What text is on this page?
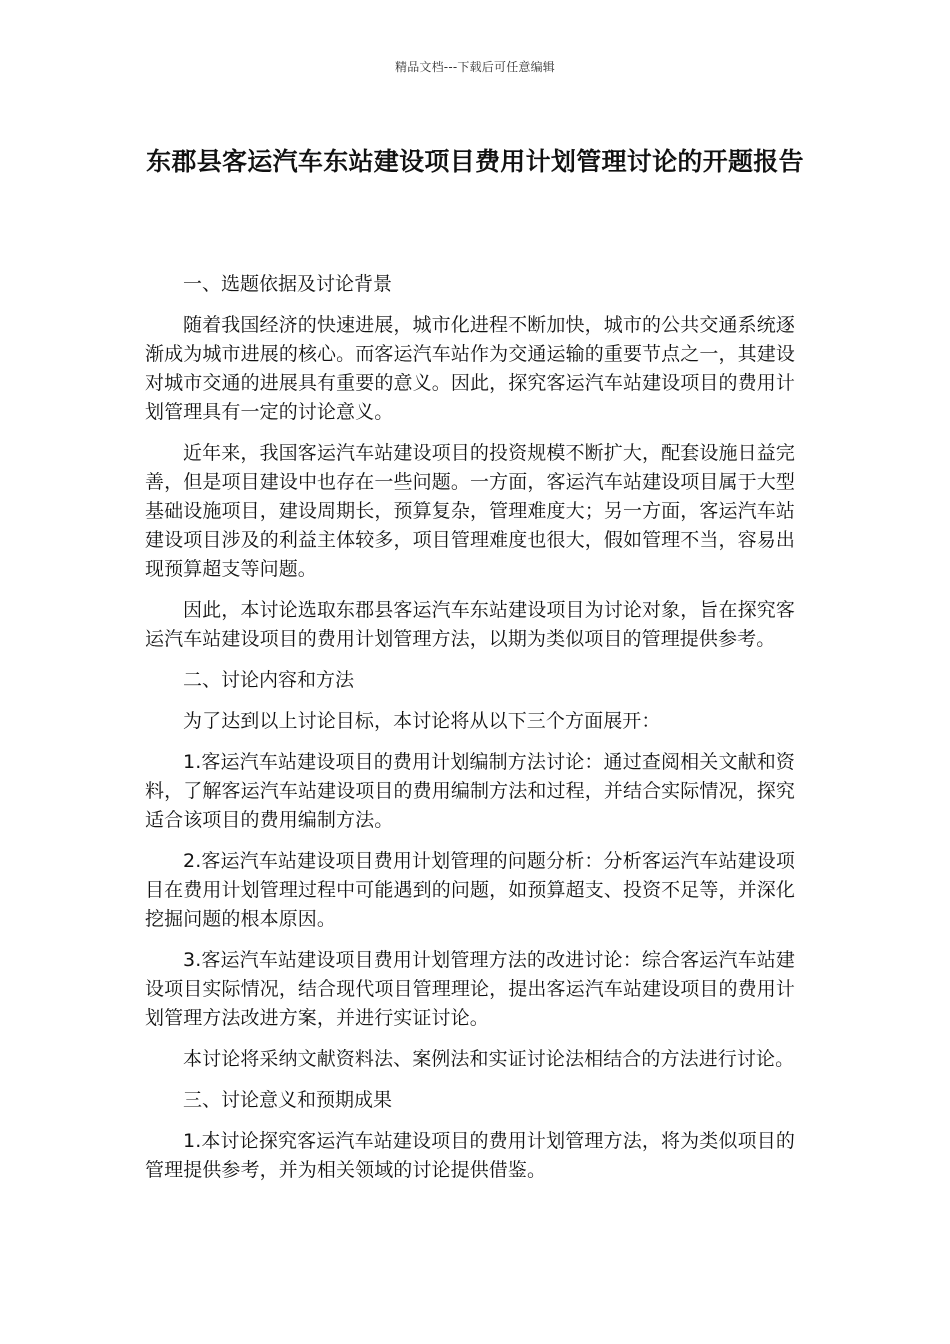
精品文档---下载后可任意编辑
东郡县客运汽车东站建设项目费用计划管理讨论的开题报告
一、选题依据及讨论背景

随着我国经济的快速进展，城市化进程不断加快，城市的公共交通系统逐渐成为城市进展的核心。而客运汽车站作为交通运输的重要节点之一，其建设对城市交通的进展具有重要的意义。因此，探究客运汽车站建设项目的费用计划管理具有一定的讨论意义。

近年来，我国客运汽车站建设项目的投资规模不断扩大，配套设施日益完善，但是项目建设中也存在一些问题。一方面，客运汽车站建设项目属于大型基础设施项目，建设周期长，预算复杂，管理难度大；另一方面，客运汽车站建设项目涉及的利益主体较多，项目管理难度也很大，假如管理不当，容易出现预算超支等问题。

因此，本讨论选取东郡县客运汽车东站建设项目为讨论对象，旨在探究客运汽车站建设项目的费用计划管理方法，以期为类似项目的管理提供参考。

二、讨论内容和方法

为了达到以上讨论目标，本讨论将从以下三个方面展开：

1.客运汽车站建设项目的费用计划编制方法讨论：通过查阅相关文献和资料，了解客运汽车站建设项目的费用编制方法和过程，并结合实际情况，探究适合该项目的费用编制方法。

2.客运汽车站建设项目费用计划管理的问题分析：分析客运汽车站建设项目在费用计划管理过程中可能遇到的问题，如预算超支、投资不足等，并深化挖掘问题的根本原因。

3.客运汽车站建设项目费用计划管理方法的改进讨论：综合客运汽车站建设项目实际情况，结合现代项目管理理论，提出客运汽车站建设项目的费用计划管理方法改进方案，并进行实证讨论。

本讨论将采纳文献资料法、案例法和实证讨论法相结合的方法进行讨论。

三、讨论意义和预期成果

1.本讨论探究客运汽车站建设项目的费用计划管理方法，将为类似项目的管理提供参考，并为相关领域的讨论提供借鉴。
